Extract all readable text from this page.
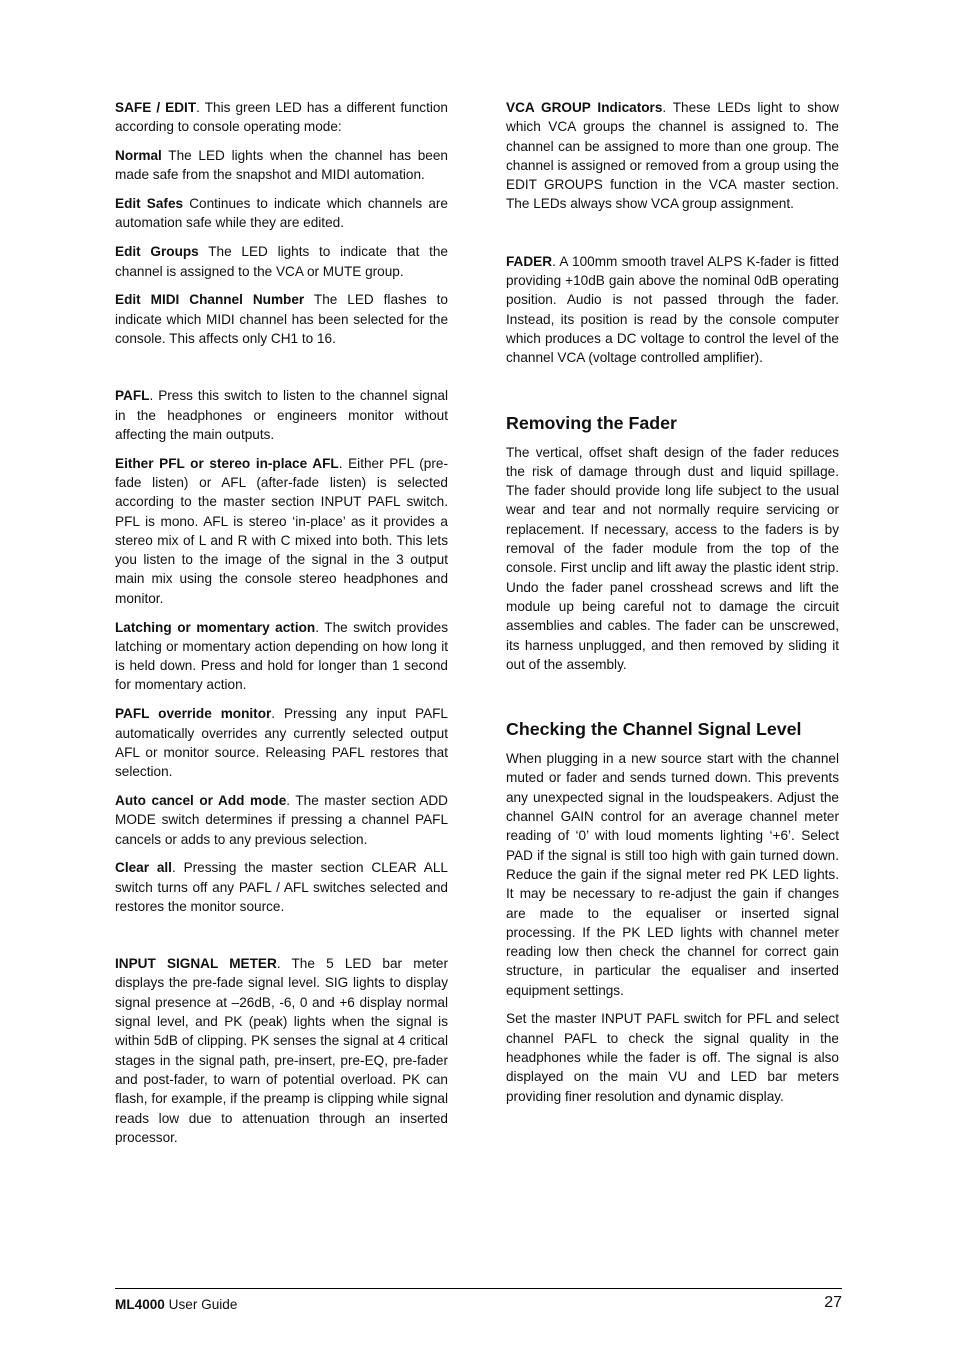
SAFE / EDIT. This green LED has a different function according to console operating mode:

Normal The LED lights when the channel has been made safe from the snapshot and MIDI automation.

Edit Safes Continues to indicate which channels are automation safe while they are edited.

Edit Groups The LED lights to indicate that the channel is assigned to the VCA or MUTE group.

Edit MIDI Channel Number The LED flashes to indicate which MIDI channel has been selected for the console. This affects only CH1 to 16.

PAFL. Press this switch to listen to the channel signal in the headphones or engineers monitor without affecting the main outputs.

Either PFL or stereo in-place AFL. Either PFL (pre-fade listen) or AFL (after-fade listen) is selected according to the master section INPUT PAFL switch. PFL is mono. AFL is stereo ‘in-place’ as it provides a stereo mix of L and R with C mixed into both. This lets you listen to the image of the signal in the 3 output main mix using the console stereo headphones and monitor.

Latching or momentary action. The switch provides latching or momentary action depending on how long it is held down. Press and hold for longer than 1 second for momentary action.

PAFL override monitor. Pressing any input PAFL automatically overrides any currently selected output AFL or monitor source. Releasing PAFL restores that selection.

Auto cancel or Add mode. The master section ADD MODE switch determines if pressing a channel PAFL cancels or adds to any previous selection.

Clear all. Pressing the master section CLEAR ALL switch turns off any PAFL / AFL switches selected and restores the monitor source.

INPUT SIGNAL METER. The 5 LED bar meter displays the pre-fade signal level. SIG lights to display signal presence at –26dB, -6, 0 and +6 display normal signal level, and PK (peak) lights when the signal is within 5dB of clipping. PK senses the signal at 4 critical stages in the signal path, pre-insert, pre-EQ, pre-fader and post-fader, to warn of potential overload. PK can flash, for example, if the preamp is clipping while signal reads low due to attenuation through an inserted processor.

VCA GROUP Indicators. These LEDs light to show which VCA groups the channel is assigned to. The channel can be assigned to more than one group. The channel is assigned or removed from a group using the EDIT GROUPS function in the VCA master section. The LEDs always show VCA group assignment.

FADER. A 100mm smooth travel ALPS K-fader is fitted providing +10dB gain above the nominal 0dB operating position. Audio is not passed through the fader. Instead, its position is read by the console computer which produces a DC voltage to control the level of the channel VCA (voltage controlled amplifier).

Removing the Fader

The vertical, offset shaft design of the fader reduces the risk of damage through dust and liquid spillage. The fader should provide long life subject to the usual wear and tear and not normally require servicing or replacement. If necessary, access to the faders is by removal of the fader module from the top of the console. First unclip and lift away the plastic ident strip. Undo the fader panel crosshead screws and lift the module up being careful not to damage the circuit assemblies and cables. The fader can be unscrewed, its harness unplugged, and then removed by sliding it out of the assembly.

Checking the Channel Signal Level

When plugging in a new source start with the channel muted or fader and sends turned down. This prevents any unexpected signal in the loudspeakers. Adjust the channel GAIN control for an average channel meter reading of ‘0’ with loud moments lighting ‘+6’. Select PAD if the signal is still too high with gain turned down. Reduce the gain if the signal meter red PK LED lights. It may be necessary to re-adjust the gain if changes are made to the equaliser or inserted signal processing. If the PK LED lights with channel meter reading low then check the channel for correct gain structure, in particular the equaliser and inserted equipment settings.

Set the master INPUT PAFL switch for PFL and select channel PAFL to check the signal quality in the headphones while the fader is off. The signal is also displayed on the main VU and LED bar meters providing finer resolution and dynamic display.

ML4000 User Guide	27
